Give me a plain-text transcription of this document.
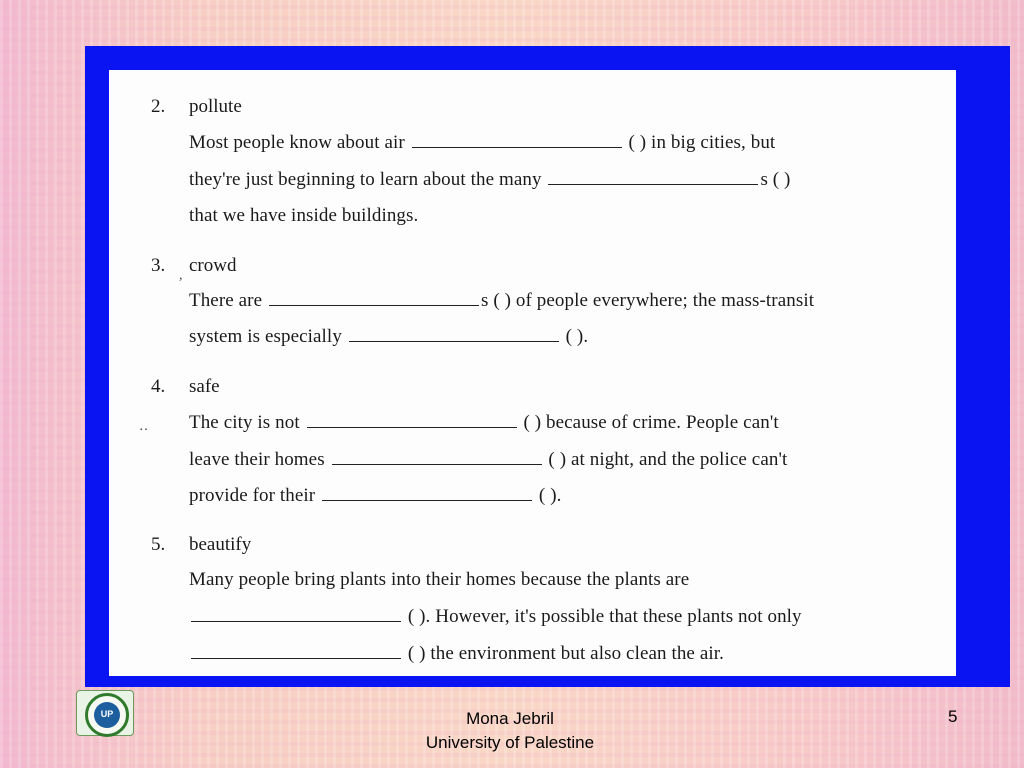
2. pollute
Most people know about air	( ) in big cities, but
they're just beginning to learn about the many	s ( )
that we have inside buildings.
3. crowd
,
There are	s ( ) of people everywhere; the mass-transit
system is especially	( ).
4. safe
‥ The city is not	( ) because of crime. People can't
leave their homes	( ) at night, and the police can't
provide for their	( ).
5. beautify
Many people bring plants into their homes because the plants are
( ). However, it's possible that these plants not only
( ) the environment but also clean the air.
UP	Mona Jebril
University of Palestine
5
